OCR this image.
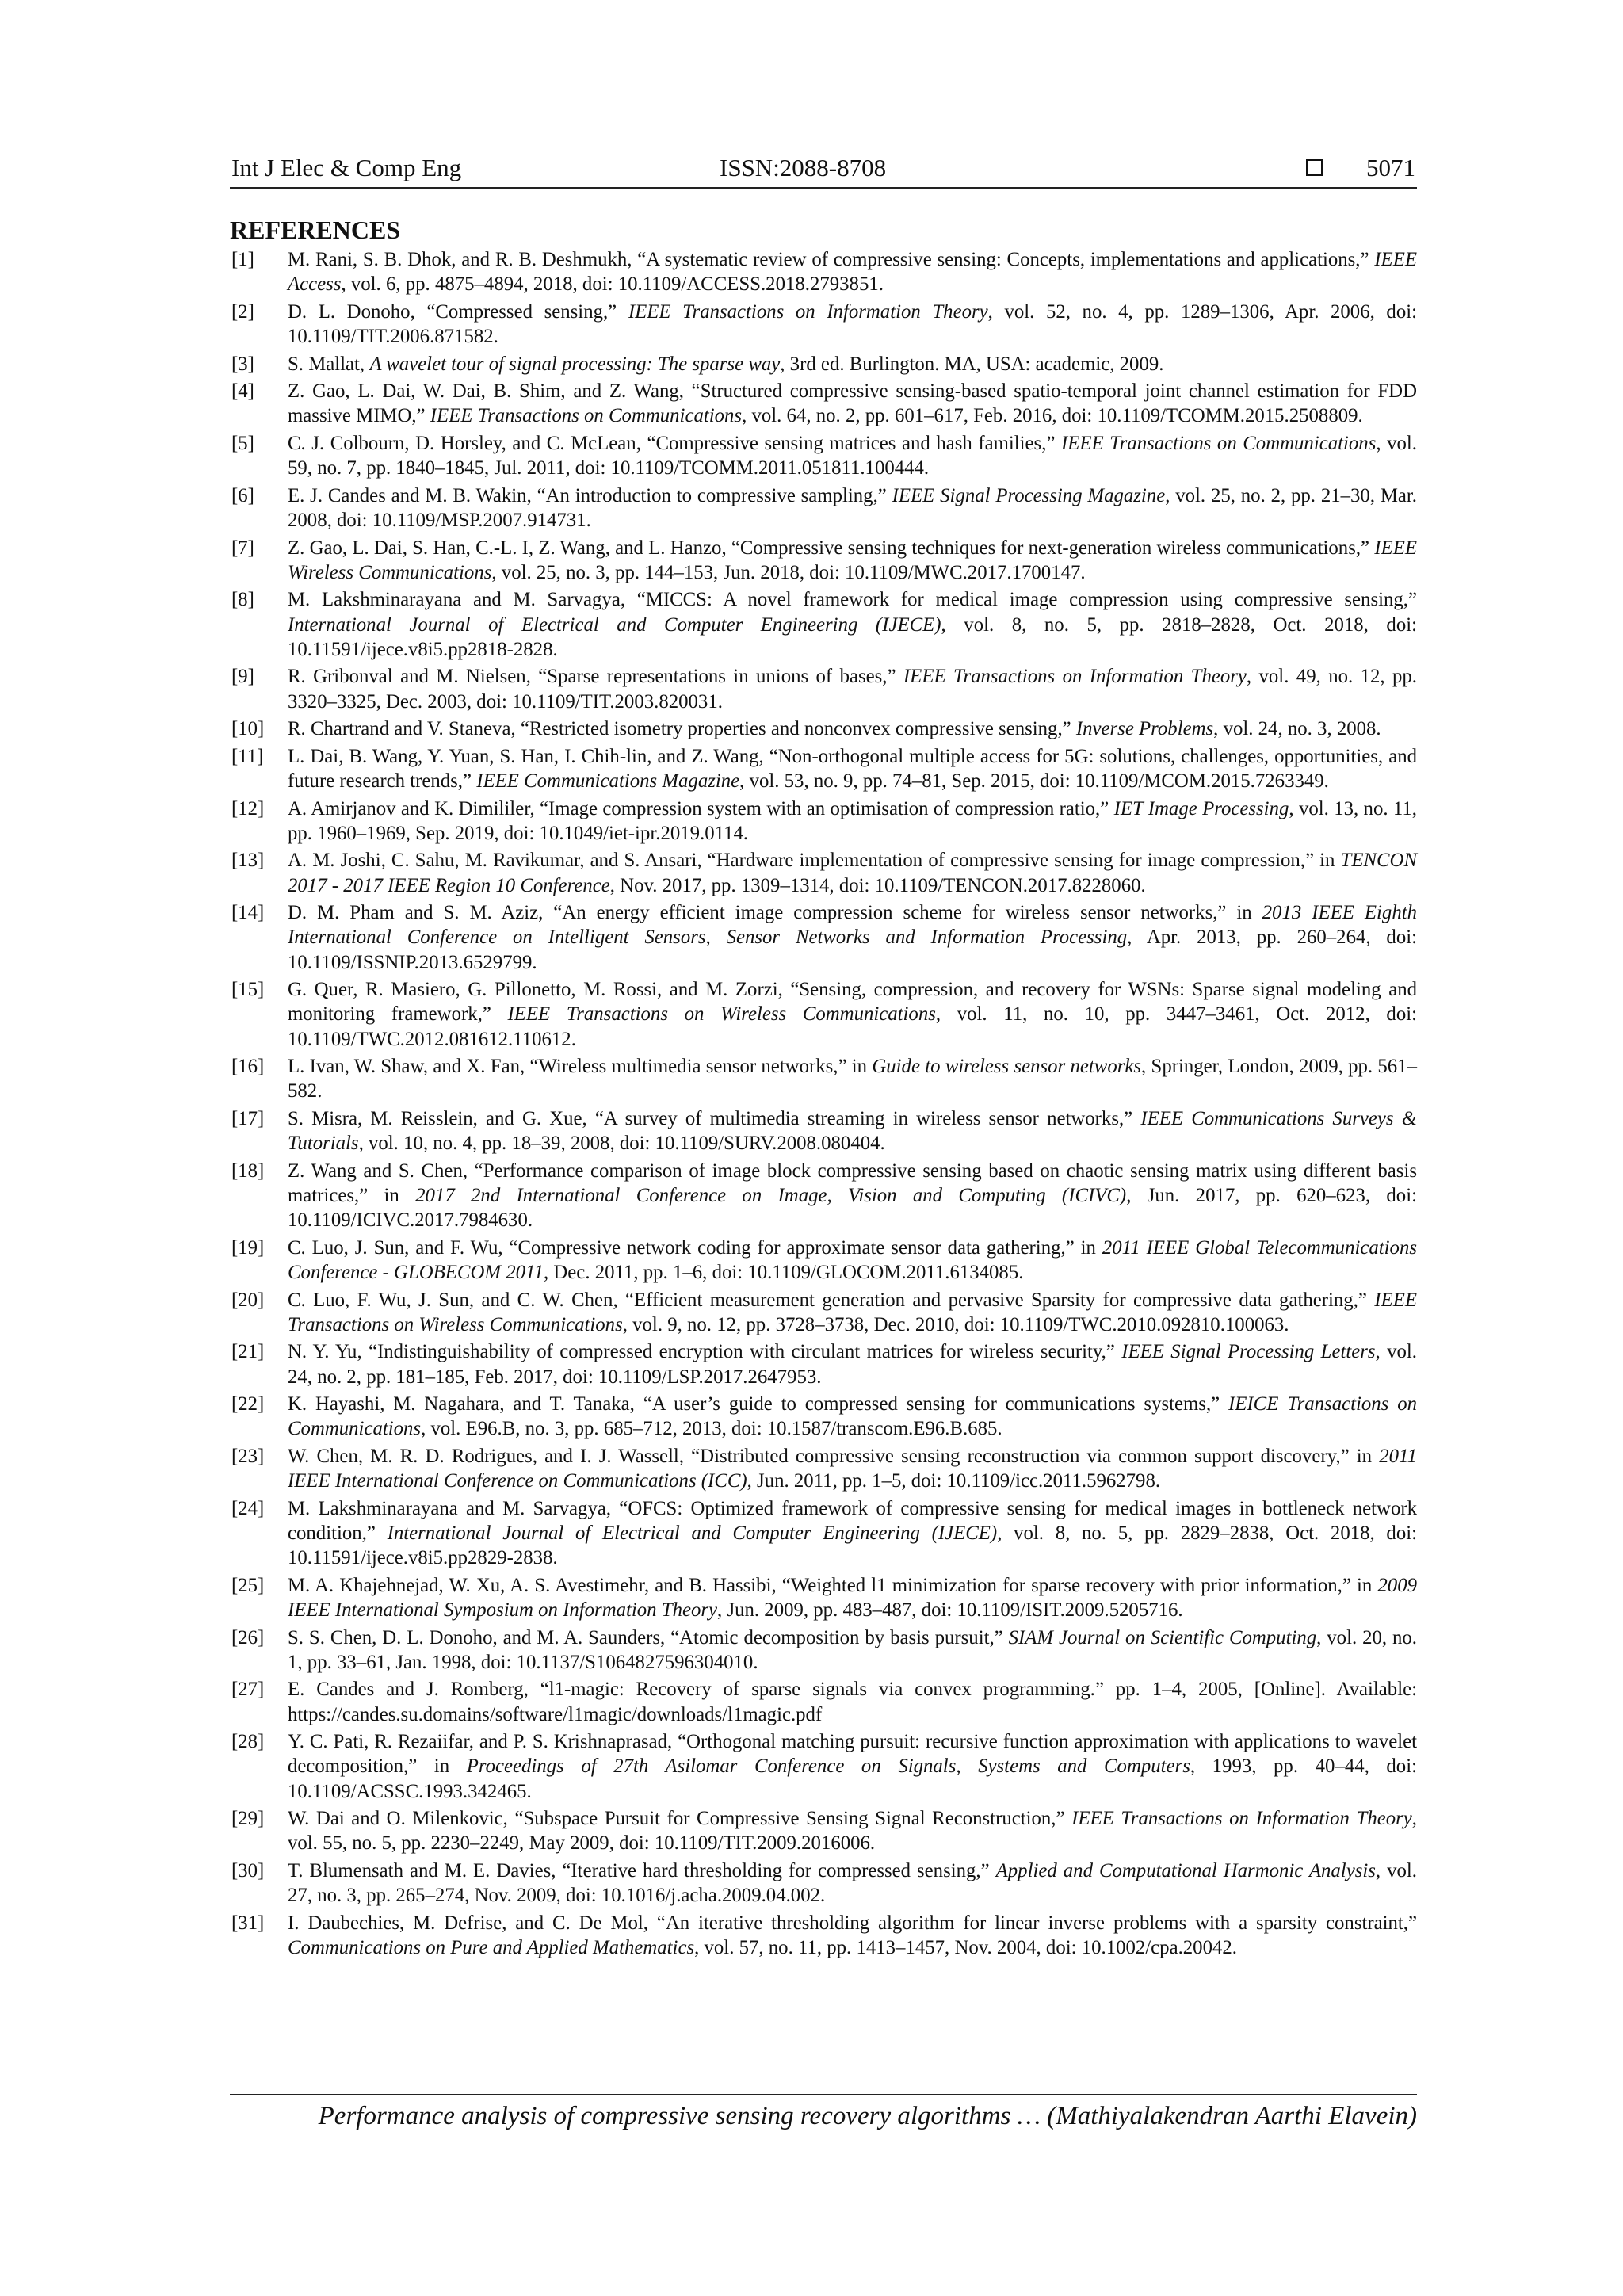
Int J Elec & Comp Eng	ISSN:2088-8708	5071
REFERENCES
[1] M. Rani, S. B. Dhok, and R. B. Deshmukh, “A systematic review of compressive sensing: Concepts, implementations and applications,” IEEE Access, vol. 6, pp. 4875–4894, 2018, doi: 10.1109/ACCESS.2018.2793851.
[2] D. L. Donoho, “Compressed sensing,” IEEE Transactions on Information Theory, vol. 52, no. 4, pp. 1289–1306, Apr. 2006, doi: 10.1109/TIT.2006.871582.
[3] S. Mallat, A wavelet tour of signal processing: The sparse way, 3rd ed. Burlington. MA, USA: academic, 2009.
[4] Z. Gao, L. Dai, W. Dai, B. Shim, and Z. Wang, “Structured compressive sensing-based spatio-temporal joint channel estimation for FDD massive MIMO,” IEEE Transactions on Communications, vol. 64, no. 2, pp. 601–617, Feb. 2016, doi: 10.1109/TCOMM.2015.2508809.
[5] C. J. Colbourn, D. Horsley, and C. McLean, “Compressive sensing matrices and hash families,” IEEE Transactions on Communications, vol. 59, no. 7, pp. 1840–1845, Jul. 2011, doi: 10.1109/TCOMM.2011.051811.100444.
[6] E. J. Candes and M. B. Wakin, “An introduction to compressive sampling,” IEEE Signal Processing Magazine, vol. 25, no. 2, pp. 21–30, Mar. 2008, doi: 10.1109/MSP.2007.914731.
[7] Z. Gao, L. Dai, S. Han, C.-L. I, Z. Wang, and L. Hanzo, “Compressive sensing techniques for next-generation wireless communications,” IEEE Wireless Communications, vol. 25, no. 3, pp. 144–153, Jun. 2018, doi: 10.1109/MWC.2017.1700147.
[8] M. Lakshminarayana and M. Sarvagya, “MICCS: A novel framework for medical image compression using compressive sensing,” International Journal of Electrical and Computer Engineering (IJECE), vol. 8, no. 5, pp. 2818–2828, Oct. 2018, doi: 10.11591/ijece.v8i5.pp2818-2828.
[9] R. Gribonval and M. Nielsen, “Sparse representations in unions of bases,” IEEE Transactions on Information Theory, vol. 49, no. 12, pp. 3320–3325, Dec. 2003, doi: 10.1109/TIT.2003.820031.
[10] R. Chartrand and V. Staneva, “Restricted isometry properties and nonconvex compressive sensing,” Inverse Problems, vol. 24, no. 3, 2008.
[11] L. Dai, B. Wang, Y. Yuan, S. Han, I. Chih-lin, and Z. Wang, “Non-orthogonal multiple access for 5G: solutions, challenges, opportunities, and future research trends,” IEEE Communications Magazine, vol. 53, no. 9, pp. 74–81, Sep. 2015, doi: 10.1109/MCOM.2015.7263349.
[12] A. Amirjanov and K. Dimililer, “Image compression system with an optimisation of compression ratio,” IET Image Processing, vol. 13, no. 11, pp. 1960–1969, Sep. 2019, doi: 10.1049/iet-ipr.2019.0114.
[13] A. M. Joshi, C. Sahu, M. Ravikumar, and S. Ansari, “Hardware implementation of compressive sensing for image compression,” in TENCON 2017 - 2017 IEEE Region 10 Conference, Nov. 2017, pp. 1309–1314, doi: 10.1109/TENCON.2017.8228060.
[14] D. M. Pham and S. M. Aziz, “An energy efficient image compression scheme for wireless sensor networks,” in 2013 IEEE Eighth International Conference on Intelligent Sensors, Sensor Networks and Information Processing, Apr. 2013, pp. 260–264, doi: 10.1109/ISSNIP.2013.6529799.
[15] G. Quer, R. Masiero, G. Pillonetto, M. Rossi, and M. Zorzi, “Sensing, compression, and recovery for WSNs: Sparse signal modeling and monitoring framework,” IEEE Transactions on Wireless Communications, vol. 11, no. 10, pp. 3447–3461, Oct. 2012, doi: 10.1109/TWC.2012.081612.110612.
[16] L. Ivan, W. Shaw, and X. Fan, “Wireless multimedia sensor networks,” in Guide to wireless sensor networks, Springer, London, 2009, pp. 561–582.
[17] S. Misra, M. Reisslein, and G. Xue, “A survey of multimedia streaming in wireless sensor networks,” IEEE Communications Surveys & Tutorials, vol. 10, no. 4, pp. 18–39, 2008, doi: 10.1109/SURV.2008.080404.
[18] Z. Wang and S. Chen, “Performance comparison of image block compressive sensing based on chaotic sensing matrix using different basis matrices,” in 2017 2nd International Conference on Image, Vision and Computing (ICIVC), Jun. 2017, pp. 620–623, doi: 10.1109/ICIVC.2017.7984630.
[19] C. Luo, J. Sun, and F. Wu, “Compressive network coding for approximate sensor data gathering,” in 2011 IEEE Global Telecommunications Conference - GLOBECOM 2011, Dec. 2011, pp. 1–6, doi: 10.1109/GLOCOM.2011.6134085.
[20] C. Luo, F. Wu, J. Sun, and C. W. Chen, “Efficient measurement generation and pervasive Sparsity for compressive data gathering,” IEEE Transactions on Wireless Communications, vol. 9, no. 12, pp. 3728–3738, Dec. 2010, doi: 10.1109/TWC.2010.092810.100063.
[21] N. Y. Yu, “Indistinguishability of compressed encryption with circulant matrices for wireless security,” IEEE Signal Processing Letters, vol. 24, no. 2, pp. 181–185, Feb. 2017, doi: 10.1109/LSP.2017.2647953.
[22] K. Hayashi, M. Nagahara, and T. Tanaka, “A user’s guide to compressed sensing for communications systems,” IEICE Transactions on Communications, vol. E96.B, no. 3, pp. 685–712, 2013, doi: 10.1587/transcom.E96.B.685.
[23] W. Chen, M. R. D. Rodrigues, and I. J. Wassell, “Distributed compressive sensing reconstruction via common support discovery,” in 2011 IEEE International Conference on Communications (ICC), Jun. 2011, pp. 1–5, doi: 10.1109/icc.2011.5962798.
[24] M. Lakshminarayana and M. Sarvagya, “OFCS: Optimized framework of compressive sensing for medical images in bottleneck network condition,” International Journal of Electrical and Computer Engineering (IJECE), vol. 8, no. 5, pp. 2829–2838, Oct. 2018, doi: 10.11591/ijece.v8i5.pp2829-2838.
[25] M. A. Khajehnejad, W. Xu, A. S. Avestimehr, and B. Hassibi, “Weighted l1 minimization for sparse recovery with prior information,” in 2009 IEEE International Symposium on Information Theory, Jun. 2009, pp. 483–487, doi: 10.1109/ISIT.2009.5205716.
[26] S. S. Chen, D. L. Donoho, and M. A. Saunders, “Atomic decomposition by basis pursuit,” SIAM Journal on Scientific Computing, vol. 20, no. 1, pp. 33–61, Jan. 1998, doi: 10.1137/S1064827596304010.
[27] E. Candes and J. Romberg, “l1-magic: Recovery of sparse signals via convex programming.” pp. 1–4, 2005, [Online]. Available: https://candes.su.domains/software/l1magic/downloads/l1magic.pdf
[28] Y. C. Pati, R. Rezaiifar, and P. S. Krishnaprasad, “Orthogonal matching pursuit: recursive function approximation with applications to wavelet decomposition,” in Proceedings of 27th Asilomar Conference on Signals, Systems and Computers, 1993, pp. 40–44, doi: 10.1109/ACSSC.1993.342465.
[29] W. Dai and O. Milenkovic, “Subspace Pursuit for Compressive Sensing Signal Reconstruction,” IEEE Transactions on Information Theory, vol. 55, no. 5, pp. 2230–2249, May 2009, doi: 10.1109/TIT.2009.2016006.
[30] T. Blumensath and M. E. Davies, “Iterative hard thresholding for compressed sensing,” Applied and Computational Harmonic Analysis, vol. 27, no. 3, pp. 265–274, Nov. 2009, doi: 10.1016/j.acha.2009.04.002.
[31] I. Daubechies, M. Defrise, and C. De Mol, “An iterative thresholding algorithm for linear inverse problems with a sparsity constraint,” Communications on Pure and Applied Mathematics, vol. 57, no. 11, pp. 1413–1457, Nov. 2004, doi: 10.1002/cpa.20042.
Performance analysis of compressive sensing recovery algorithms … (Mathiyalakendran Aarthi Elavein)
